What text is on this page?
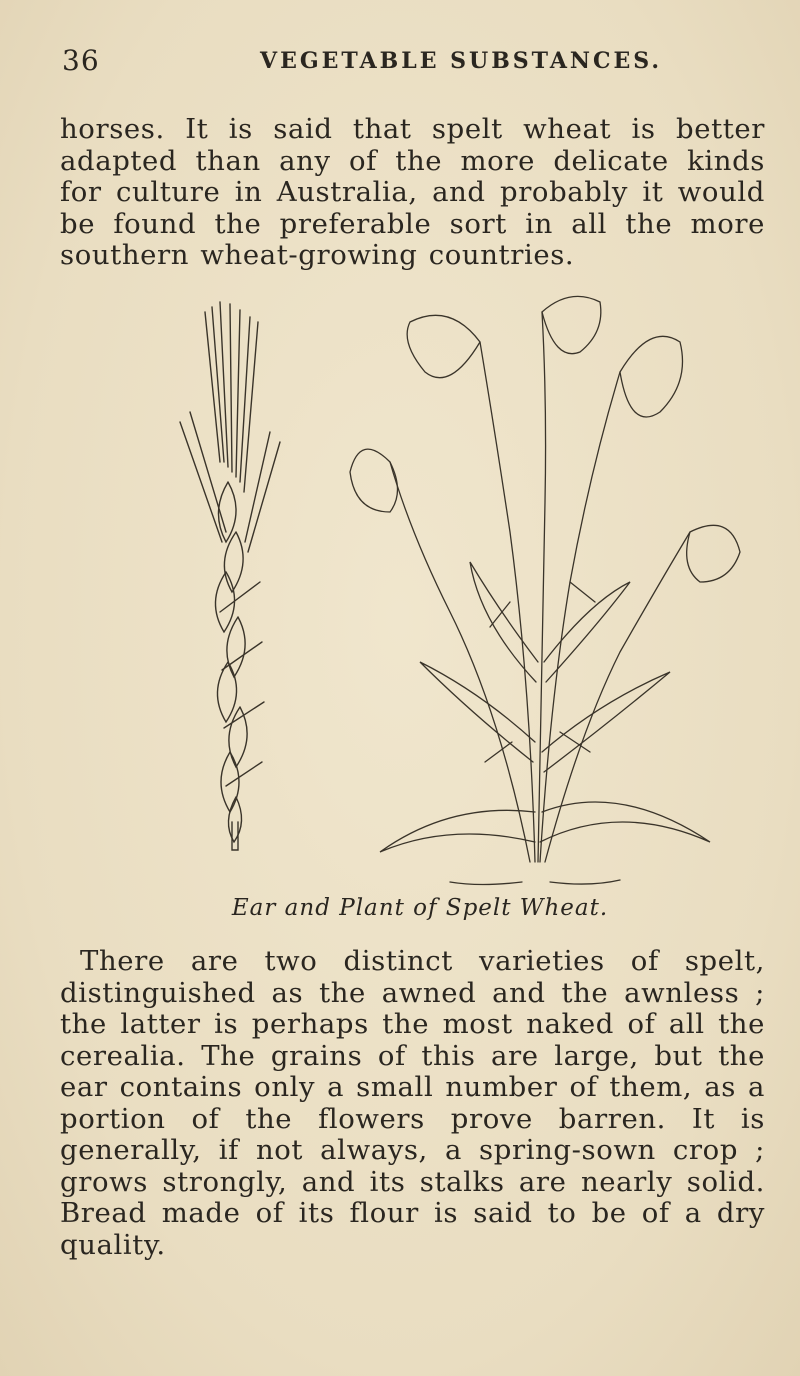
36	VEGETABLE SUBSTANCES.

horses. It is said that spelt wheat is better adapted than any of the more delicate kinds for culture in Australia, and probably it would be found the preferable sort in all the more southern wheat-growing countries.

Ear and Plant of Spelt Wheat.

There are two distinct varieties of spelt, distinguished as the awned and the awnless ; the latter is perhaps the most naked of all the cerealia. The grains of this are large, but the ear contains only a small number of them, as a portion of the flowers prove barren. It is generally, if not always, a spring-sown crop ; grows strongly, and its stalks are nearly solid. Bread made of its flour is said to be of a dry quality.
